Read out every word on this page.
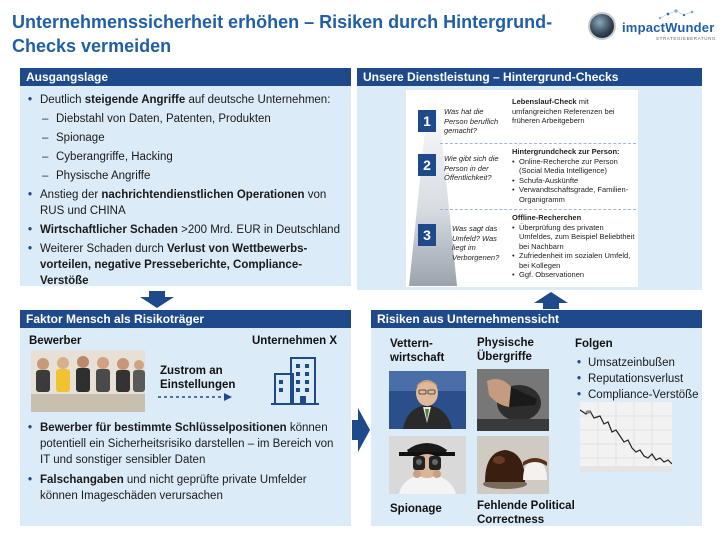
Unternehmenssicherheit erhöhen – Risiken durch Hintergrund-Checks vermeiden
impactWunder
STRATEGIEBERATUNG
Ausgangslage
• Deutlich steigende Angriffe auf deutsche Unternehmen:
– Diebstahl von Daten, Patenten, Produkten
– Spionage
– Cyberangriffe, Hacking
– Physische Angriffe
• Anstieg der nachrichtendienstlichen Operationen von RUS und CHINA
• Wirtschaftlicher Schaden >200 Mrd. EUR in Deutschland
• Weiterer Schaden durch Verlust von Wettbewerbs-vorteilen, negative Presseberichte, Compliance-Verstöße
Unsere Dienstleistung – Hintergrund-Checks
1
Was hat die Person beruflich gemacht?
Lebenslauf-Check mit umfangreichen Referenzen bei früheren Arbeitgebern
2	Wie gibt sich die Person in der Öffentlichkeit?
Hintergrundcheck zur Person:
• Online-Recherche zur Person (Social Media Intelligence)
• Schufa-Auskünfte
• Verwandtschaftsgrade, Familien-Organigramm
3	Was sagt das Umfeld? Was liegt im Verborgenen?
Offline-Recherchen
• Überprüfung des privaten Umfeldes, zum Beispiel Beliebtheit bei Nachbarn
• Zufriedenheit im sozialen Umfeld, bei Kollegen
• Ggf. Observationen
Faktor Mensch als Risikoträger
Bewerber	Unternehmen X
Zustrom an Einstellungen
• Bewerber für bestimmte Schlüsselpositionen können potentiell ein Sicherheitsrisiko darstellen – im Bereich von IT und sonstiger sensibler Daten
• Falschangaben und nicht geprüfte private Umfelder können Imageschäden verursachen
Risiken aus Unternehmenssicht
Vettern-wirtschaft
Physische Übergriffe
Folgen
• Umsatzeinbußen
• Reputationsverlust
• Compliance-Verstöße
Spionage	Fehlende Political Correctness
